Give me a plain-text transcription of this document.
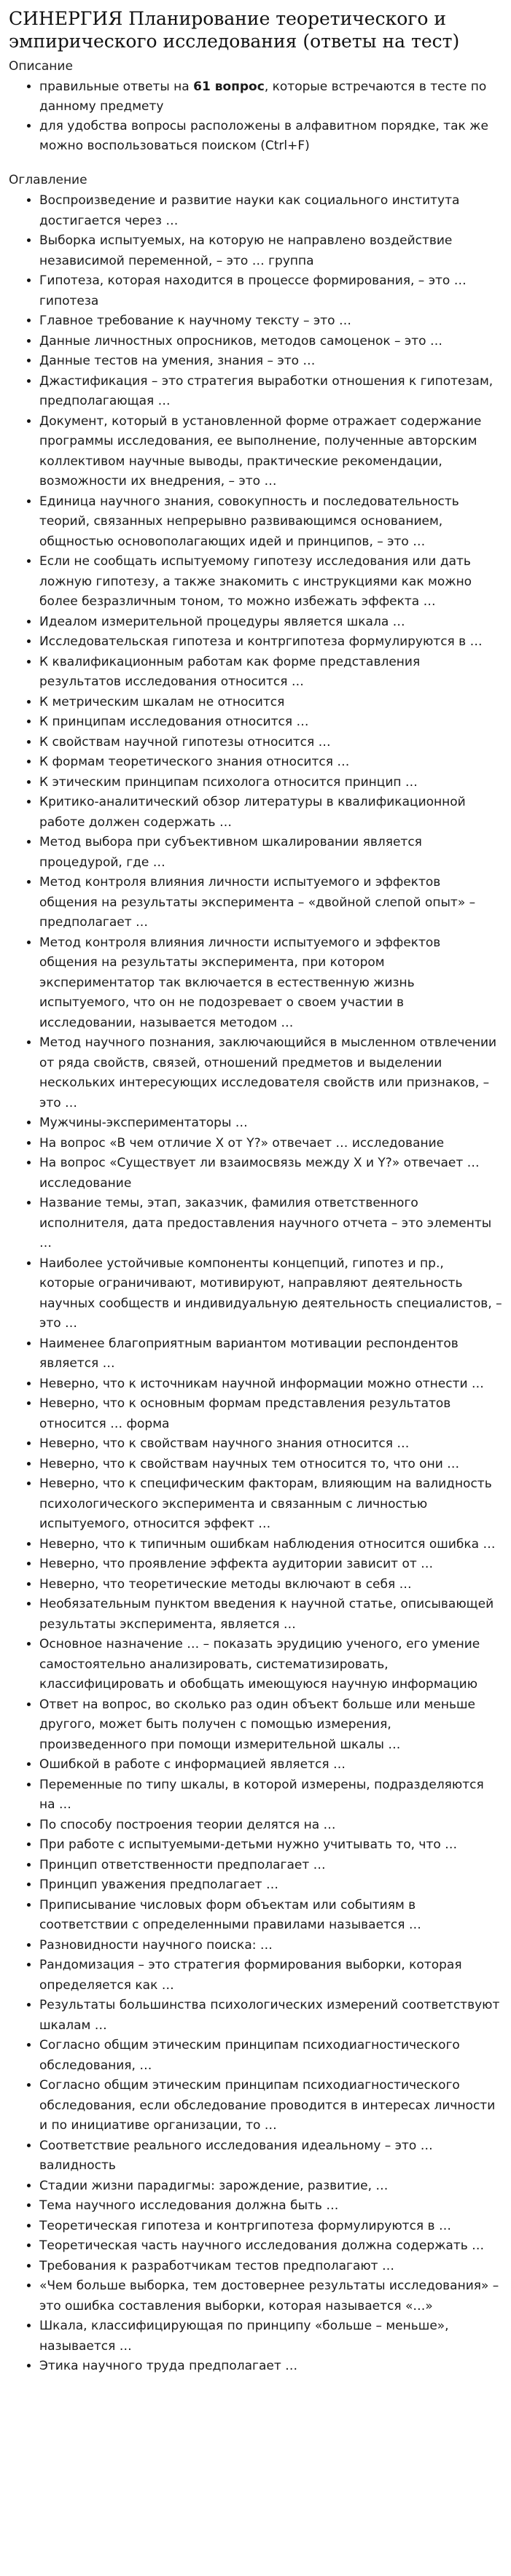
СИНЕРГИЯ Планирование теоретического и эмпирического исследования (ответы на тест)
Описание
• правильные ответы на 61 вопрос, которые встречаются в тесте по данному предмету
• для удобства вопросы расположены в алфавитном порядке, так же можно воспользоваться поиском (Ctrl+F)
Оглавление
• Воспроизведение и развитие науки как социального института достигается через …
• Выборка испытуемых, на которую не направлено воздействие независимой переменной, – это … группа
• Гипотеза, которая находится в процессе формирования, – это … гипотеза
• Главное требование к научному тексту – это …
• Данные личностных опросников, методов самоценок – это …
• Данные тестов на умения, знания – это …
• Джастификация – это стратегия выработки отношения к гипотезам, предполагающая …
• Документ, который в установленной форме отражает содержание программы исследования, ее выполнение, полученные авторским коллективом научные выводы, практические рекомендации, возможности их внедрения, – это …
• Единица научного знания, совокупность и последовательность теорий, связанных непрерывно развивающимся основанием, общностью основополагающих идей и принципов, – это …
• Если не сообщать испытуемому гипотезу исследования или дать ложную гипотезу, а также знакомить с инструкциями как можно более безразличным тоном, то можно избежать эффекта …
• Идеалом измерительной процедуры является шкала …
• Исследовательская гипотеза и контргипотеза формулируются в …
• К квалификационным работам как форме представления результатов исследования относится …
• К метрическим шкалам не относится
• К принципам исследования относится …
• К свойствам научной гипотезы относится …
• К формам теоретического знания относится …
• К этическим принципам психолога относится принцип …
• Критико-аналитический обзор литературы в квалификационной работе должен содержать …
• Метод выбора при субъективном шкалировании является процедурой, где …
• Метод контроля влияния личности испытуемого и эффектов общения на результаты эксперимента – «двойной слепой опыт» – предполагает …
• Метод контроля влияния личности испытуемого и эффектов общения на результаты эксперимента, при котором экспериментатор так включается в естественную жизнь испытуемого, что он не подозревает о своем участии в исследовании, называется методом …
• Метод научного познания, заключающийся в мысленном отвлечении от ряда свойств, связей, отношений предметов и выделении нескольких интересующих исследователя свойств или признаков, – это …
• Мужчины-экспериментаторы …
• На вопрос «В чем отличие X от Y?» отвечает … исследование
• На вопрос «Существует ли взаимосвязь между X и Y?» отвечает … исследование
• Название темы, этап, заказчик, фамилия ответственного исполнителя, дата предоставления научного отчета – это элементы …
• Наиболее устойчивые компоненты концепций, гипотез и пр., которые ограничивают, мотивируют, направляют деятельность научных сообществ и индивидуальную деятельность специалистов, – это …
• Наименее благоприятным вариантом мотивации респондентов является …
• Неверно, что к источникам научной информации можно отнести …
• Неверно, что к основным формам представления результатов относится … форма
• Неверно, что к свойствам научного знания относится …
• Неверно, что к свойствам научных тем относится то, что они …
• Неверно, что к специфическим факторам, влияющим на валидность психологического эксперимента и связанным с личностью испытуемого, относится эффект …
• Неверно, что к типичным ошибкам наблюдения относится ошибка …
• Неверно, что проявление эффекта аудитории зависит от …
• Неверно, что теоретические методы включают в себя …
• Необязательным пунктом введения к научной статье, описывающей результаты эксперимента, является …
• Основное назначение … – показать эрудицию ученого, его умение самостоятельно анализировать, систематизировать, классифицировать и обобщать имеющуюся научную информацию
• Ответ на вопрос, во сколько раз один объект больше или меньше другого, может быть получен с помощью измерения, произведенного при помощи измерительной шкалы …
• Ошибкой в работе с информацией является …
• Переменные по типу шкалы, в которой измерены, подразделяются на …
• По способу построения теории делятся на …
• При работе с испытуемыми-детьми нужно учитывать то, что …
• Принцип ответственности предполагает …
• Принцип уважения предполагает …
• Приписывание числовых форм объектам или событиям в соответствии с определенными правилами называется …
• Разновидности научного поиска: …
• Рандомизация – это стратегия формирования выборки, которая определяется как …
• Результаты большинства психологических измерений соответствуют шкалам …
• Согласно общим этическим принципам психодиагностического обследования, …
• Согласно общим этическим принципам психодиагностического обследования, если обследование проводится в интересах личности и по инициативе организации, то …
• Соответствие реального исследования идеальному – это … валидность
• Стадии жизни парадигмы: зарождение, развитие, …
• Тема научного исследования должна быть …
• Теоретическая гипотеза и контргипотеза формулируются в …
• Теоретическая часть научного исследования должна содержать …
• Требования к разработчикам тестов предполагают …
• «Чем больше выборка, тем достовернее результаты исследования» – это ошибка составления выборки, которая называется «…»
• Шкала, классифицирующая по принципу «больше – меньше», называется …
• Этика научного труда предполагает …
